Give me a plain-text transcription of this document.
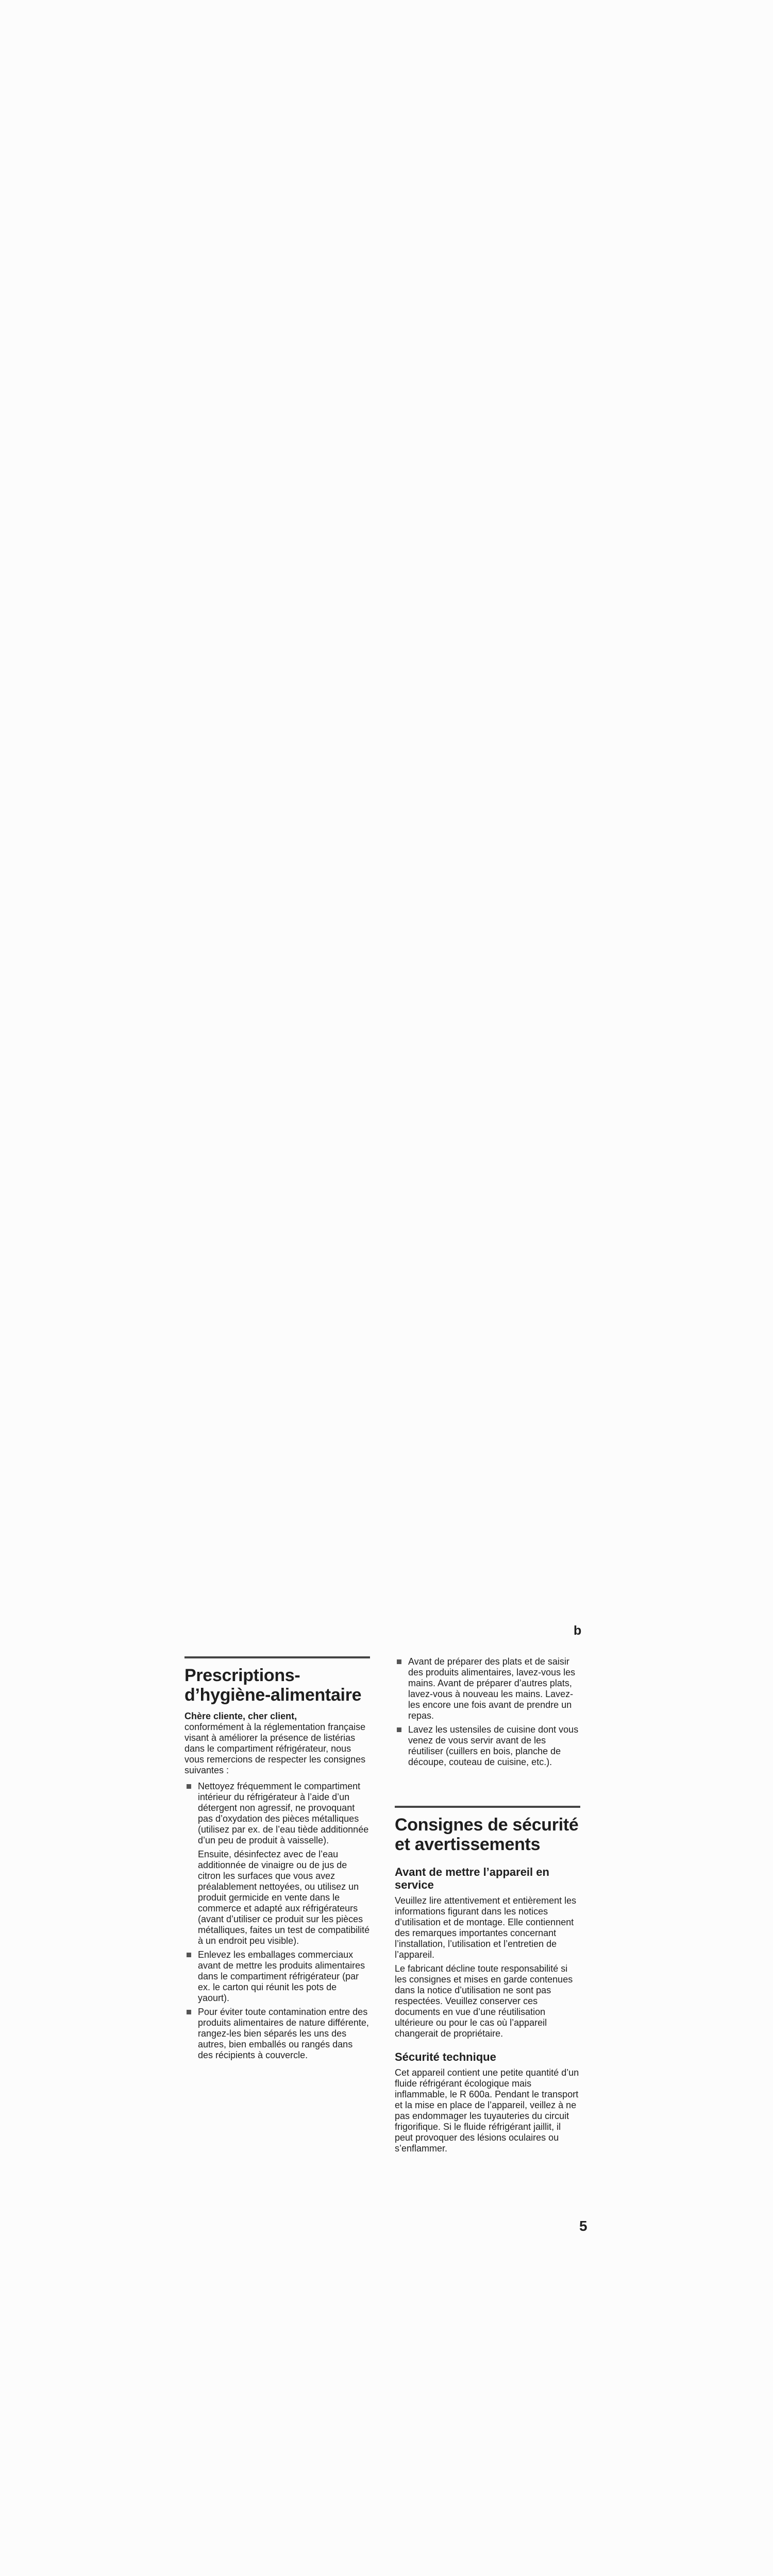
b
Prescriptions-
d’hygiène-alimentaire

Chère cliente, cher client,

conformément à la réglementation française visant à améliorer la présence de listérias dans le compartiment réfrigérateur, nous vous remercions de respecter les consignes suivantes :

Nettoyez fréquemment le compartiment intérieur du réfrigérateur à l’aide d’un détergent non agressif, ne provoquant pas d’oxydation des pièces métalliques (utilisez par ex. de l’eau tiède additionnée d’un peu de produit à vaisselle).

Ensuite, désinfectez avec de l’eau additionnée de vinaigre ou de jus de citron les surfaces que vous avez préalablement nettoyées, ou utilisez un produit germicide en vente dans le commerce et adapté aux réfrigérateurs (avant d’utiliser ce produit sur les pièces métalliques, faites un test de compatibilité à un endroit peu visible).

Enlevez les emballages commerciaux avant de mettre les produits alimentaires dans le compartiment réfrigérateur (par ex. le carton qui réunit les pots de yaourt).

Pour éviter toute contamination entre des produits alimentaires de nature différente, rangez-les bien séparés les uns des autres, bien emballés ou rangés dans des récipients à couvercle.

Avant de préparer des plats et de saisir des produits alimentaires, lavez-vous les mains. Avant de préparer d’autres plats, lavez-vous à nouveau les mains. Lavez-les encore une fois avant de prendre un repas.

Lavez les ustensiles de cuisine dont vous venez de vous servir avant de les réutiliser (cuillers en bois, planche de découpe, couteau de cuisine, etc.).

Consignes de sécurité
et avertissements
Avant de mettre l’appareil en service

Veuillez lire attentivement et entièrement les informations figurant dans les notices d’utilisation et de montage. Elle contiennent des remarques importantes concernant l’installation, l’utilisation et l’entretien de l’appareil.

Le fabricant décline toute responsabilité si les consignes et mises en garde contenues dans la notice d’utilisation ne sont pas respectées. Veuillez conserver ces documents en vue d’une réutilisation ultérieure ou pour le cas où l’appareil changerait de propriétaire.

Sécurité technique

Cet appareil contient une petite quantité d’un fluide réfrigérant écologique mais inflammable, le R 600a. Pendant le transport et la mise en place de l’appareil, veillez à ne pas endommager les tuyauteries du circuit frigorifique. Si le fluide réfrigérant jaillit, il peut provoquer des lésions oculaires ou s’enflammer.

5
